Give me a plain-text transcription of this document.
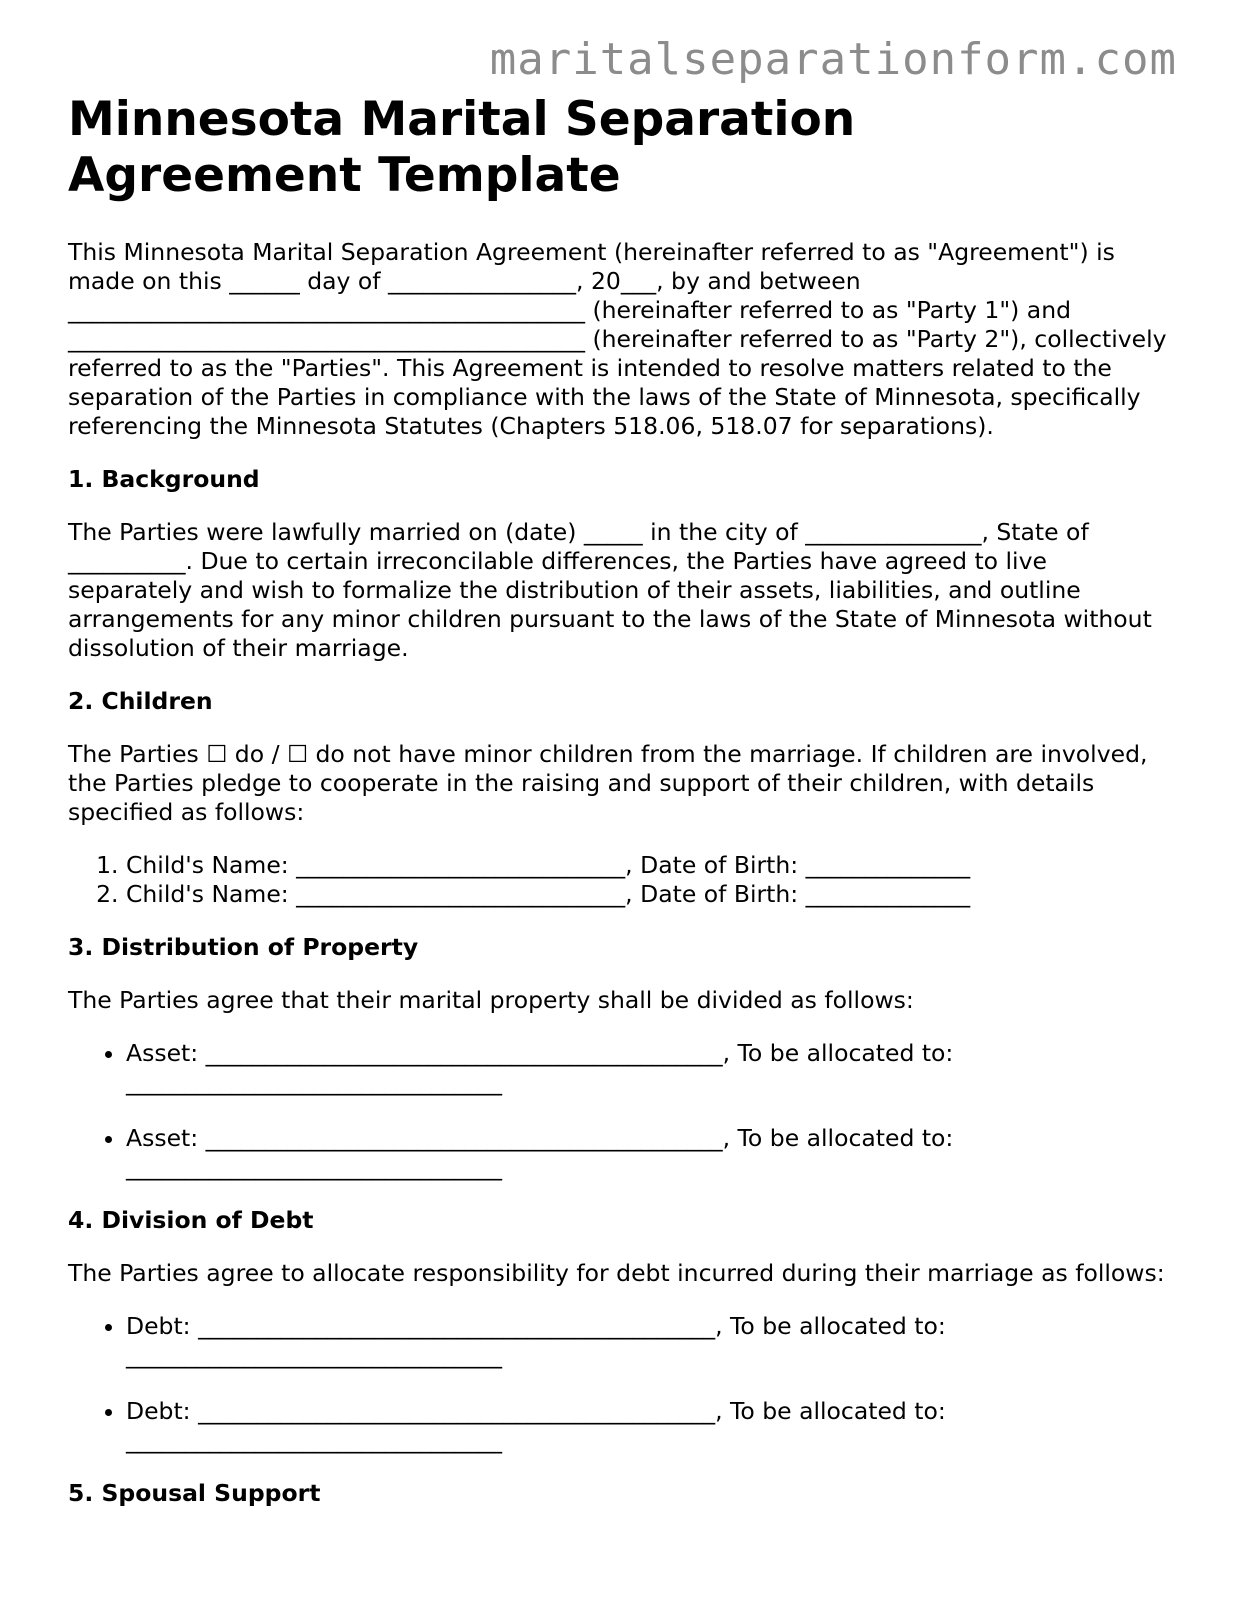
maritalseparationform.com
Minnesota Marital Separation Agreement Template

This Minnesota Marital Separation Agreement (hereinafter referred to as "Agreement") is made on this ______ day of ________________, 20___, by and between ____________________________________________ (hereinafter referred to as "Party 1") and ____________________________________________ (hereinafter referred to as "Party 2"), collectively referred to as the "Parties". This Agreement is intended to resolve matters related to the separation of the Parties in compliance with the laws of the State of Minnesota, specifically referencing the Minnesota Statutes (Chapters 518.06, 518.07 for separations).

1. Background

The Parties were lawfully married on (date) _____ in the city of _______________, State of __________. Due to certain irreconcilable differences, the Parties have agreed to live separately and wish to formalize the distribution of their assets, liabilities, and outline arrangements for any minor children pursuant to the laws of the State of Minnesota without dissolution of their marriage.

2. Children

The Parties ☐ do / ☐ do not have minor children from the marriage. If children are involved, the Parties pledge to cooperate in the raising and support of their children, with details specified as follows:

1. Child's Name: ____________________________, Date of Birth: ______________
2. Child's Name: ____________________________, Date of Birth: ______________
3. Distribution of Property

The Parties agree that their marital property shall be divided as follows:

• Asset: ____________________________________________, To be allocated to: ________________________________
• Asset: ____________________________________________, To be allocated to: ________________________________
4. Division of Debt

The Parties agree to allocate responsibility for debt incurred during their marriage as follows:

• Debt: ____________________________________________, To be allocated to: ________________________________
• Debt: ____________________________________________, To be allocated to: ________________________________
5. Spousal Support
